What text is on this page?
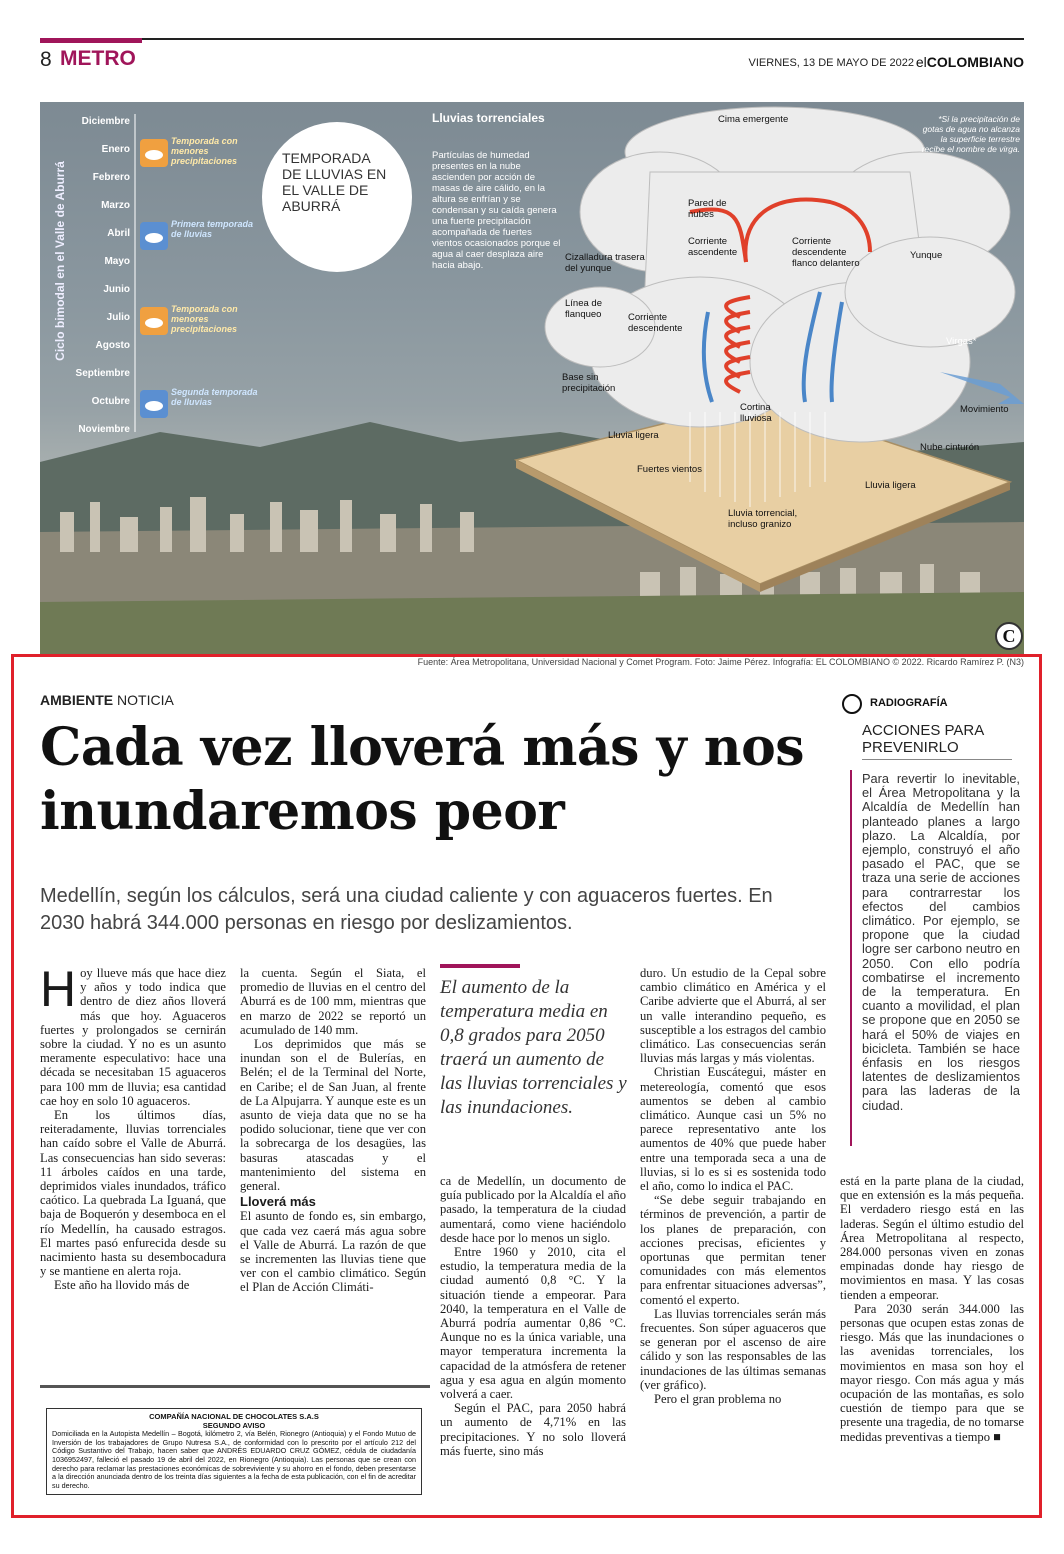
8 METRO	VIERNES, 13 DE MAYO DE 2022 elCOLOMBIANO
Ciclo bimodal en el Valle de Aburrá
Diciembre
Enero
Febrero
Marzo
Abril
Mayo
Junio
Julio
Agosto
Septiembre
Octubre
Noviembre
Temporada con menores precipitaciones
Primera temporada de lluvias
Temporada con menores precipitaciones
Segunda temporada de lluvias
TEMPORADA DE LLUVIAS EN EL VALLE DE ABURRÁ
Lluvias torrenciales
Partículas de humedad presentes en la nube ascienden por acción de masas de aire cálido, en la altura se enfrían y se condensan y su caída genera una fuerte precipitación acompañada de fuertes vientos ocasionados porque el agua al caer desplaza aire hacia abajo.
Cima emergente
Pared de nubes
Corriente ascendente
Corriente descendente flanco delantero
Yunque
Cizalladura trasera del yunque
Línea de flanqueo	Corriente descendente
Base sin precipitación
Virgas*
Movimiento
Cortina lluviosa
Lluvia ligera
Fuertes vientos
Nube cinturón
Lluvia ligera
Lluvia torrencial, incluso granizo
*Si la precipitación de gotas de agua no alcanza la superficie terrestre recibe el nombre de virga.
C
Fuente: Área Metropolitana, Universidad Nacional y Comet Program. Foto: Jaime Pérez. Infografía: EL COLOMBIANO © 2022. Ricardo Ramírez P. (N3)
AMBIENTE NOTICIA
Cada vez lloverá más y nos inundaremos peor

Medellín, según los cálculos, será una ciudad caliente y con aguaceros fuertes. En 2030 habrá 344.000 personas en riesgo por deslizamientos.

Hoy llueve más que hace diez y años y todo indica que dentro de diez años lloverá más que hoy. Aguaceros fuertes y prolongados se cernirán sobre la ciudad. Y no es un asunto meramente especulativo: hace una década se necesitaban 15 aguaceros para 100 mm de lluvia; esa cantidad cae hoy en solo 10 aguaceros.

En los últimos días, reiteradamente, lluvias torrenciales han caído sobre el Valle de Aburrá. Las consecuencias han sido severas: 11 árboles caídos en una tarde, deprimidos viales inundados, tráfico caótico. La quebrada La Iguaná, que baja de Boquerón y desemboca en el río Medellín, ha causado estragos. El martes pasó enfurecida desde su nacimiento hasta su desembocadura y se mantiene en alerta roja.

Este año ha llovido más de

la cuenta. Según el Siata, el promedio de lluvias en el centro del Aburrá es de 100 mm, mientras que en marzo de 2022 se reportó un acumulado de 140 mm.

Los deprimidos que más se inundan son el de Bulerías, en Belén; el de la Terminal del Norte, en Caribe; el de San Juan, al frente de La Alpujarra. Y aunque este es un asunto de vieja data que no se ha podido solucionar, tiene que ver con la sobrecarga de los desagües, las basuras atascadas y el mantenimiento del sistema en general.

Lloverá más

El asunto de fondo es, sin embargo, que cada vez caerá más agua sobre el Valle de Aburrá. La razón de que se incrementen las lluvias tiene que ver con el cambio climático. Según el Plan de Acción Climáti-

El aumento de la temperatura media en 0,8 grados para 2050 traerá un aumento de las lluvias torrenciales y las inundaciones.

ca de Medellín, un documento de guía publicado por la Alcaldía el año pasado, la temperatura de la ciudad aumentará, como viene haciéndolo desde hace por lo menos un siglo.

Entre 1960 y 2010, cita el estudio, la temperatura media de la ciudad aumentó 0,8 °C. Y la situación tiende a empeorar. Para 2040, la temperatura en el Valle de Aburrá podría aumentar 0,86 °C. Aunque no es la única variable, una mayor temperatura incrementa la capacidad de la atmósfera de retener agua y esa agua en algún momento volverá a caer.

Según el PAC, para 2050 habrá un aumento de 4,71% en las precipitaciones. Y no solo lloverá más fuerte, sino más

duro. Un estudio de la Cepal sobre cambio climático en América y el Caribe advierte que el Aburrá, al ser un valle interandino pequeño, es susceptible a los estragos del cambio climático. Las consecuencias serán lluvias más largas y más violentas.

Christian Euscátegui, máster en metereología, comentó que esos aumentos se deben al cambio climático. Aunque casi un 5% no parece representativo ante los aumentos de 40% que puede haber entre una temporada seca a una de lluvias, si lo es si es sostenida todo el año, como lo indica el PAC.

“Se debe seguir trabajando en términos de prevención, a partir de los planes de preparación, con acciones precisas, eficientes y oportunas que permitan tener comunidades con más elementos para enfrentar situaciones adversas”, comentó el experto.

Las lluvias torrenciales serán más frecuentes. Son súper aguaceros que se generan por el ascenso de aire cálido y son las responsables de las inundaciones de las últimas semanas (ver gráfico).

Pero el gran problema no

está en la parte plana de la ciudad, que en extensión es la más pequeña. El verdadero riesgo está en las laderas. Según el último estudio del Área Metropolitana al respecto, 284.000 personas viven en zonas empinadas donde hay riesgo de movimientos en masa. Y las cosas tienden a empeorar.

Para 2030 serán 344.000 las personas que ocupen estas zonas de riesgo. Más que las inundaciones o las avenidas torrenciales, los movimientos en masa son hoy el mayor riesgo. Con más agua y más ocupación de las montañas, es solo cuestión de tiempo para que se presente una tragedia, de no tomarse medidas preventivas a tiempo ■

RADIOGRAFÍA
ACCIONES PARA PREVENIRLO
Para revertir lo inevitable, el Área Metropolitana y la Alcaldía de Medellín han planteado planes a largo plazo. La Alcaldía, por ejemplo, construyó el año pasado el PAC, que se traza una serie de acciones para contrarrestar los efectos del cambios climático. Por ejemplo, se propone que la ciudad logre ser carbono neutro en 2050. Con ello podría combatirse el incremento de la temperatura. En cuanto a movilidad, el plan se propone que en 2050 se hará el 50% de viajes en bicicleta. También se hace énfasis en los riesgos latentes de deslizamientos para las laderas de la ciudad.
COMPAÑÍA NACIONAL DE CHOCOLATES S.A.S
SEGUNDO AVISO
Domiciliada en la Autopista Medellín – Bogotá, kilómetro 2, vía Belén, Rionegro (Antioquia) y el Fondo Mutuo de Inversión de los trabajadores de Grupo Nutresa S.A., de conformidad con lo prescrito por el artículo 212 del Código Sustantivo del Trabajo, hacen saber que ANDRÉS EDUARDO CRUZ GÓMEZ, cédula de ciudadanía 1036952497, falleció el pasado 19 de abril del 2022, en Rionegro (Antioquia). Las personas que se crean con derecho para reclamar las prestaciones económicas de sobreviviente y su ahorro en el fondo, deben presentarse a la dirección anunciada dentro de los treinta días siguientes a la fecha de esta publicación, con el fin de acreditar su derecho.
